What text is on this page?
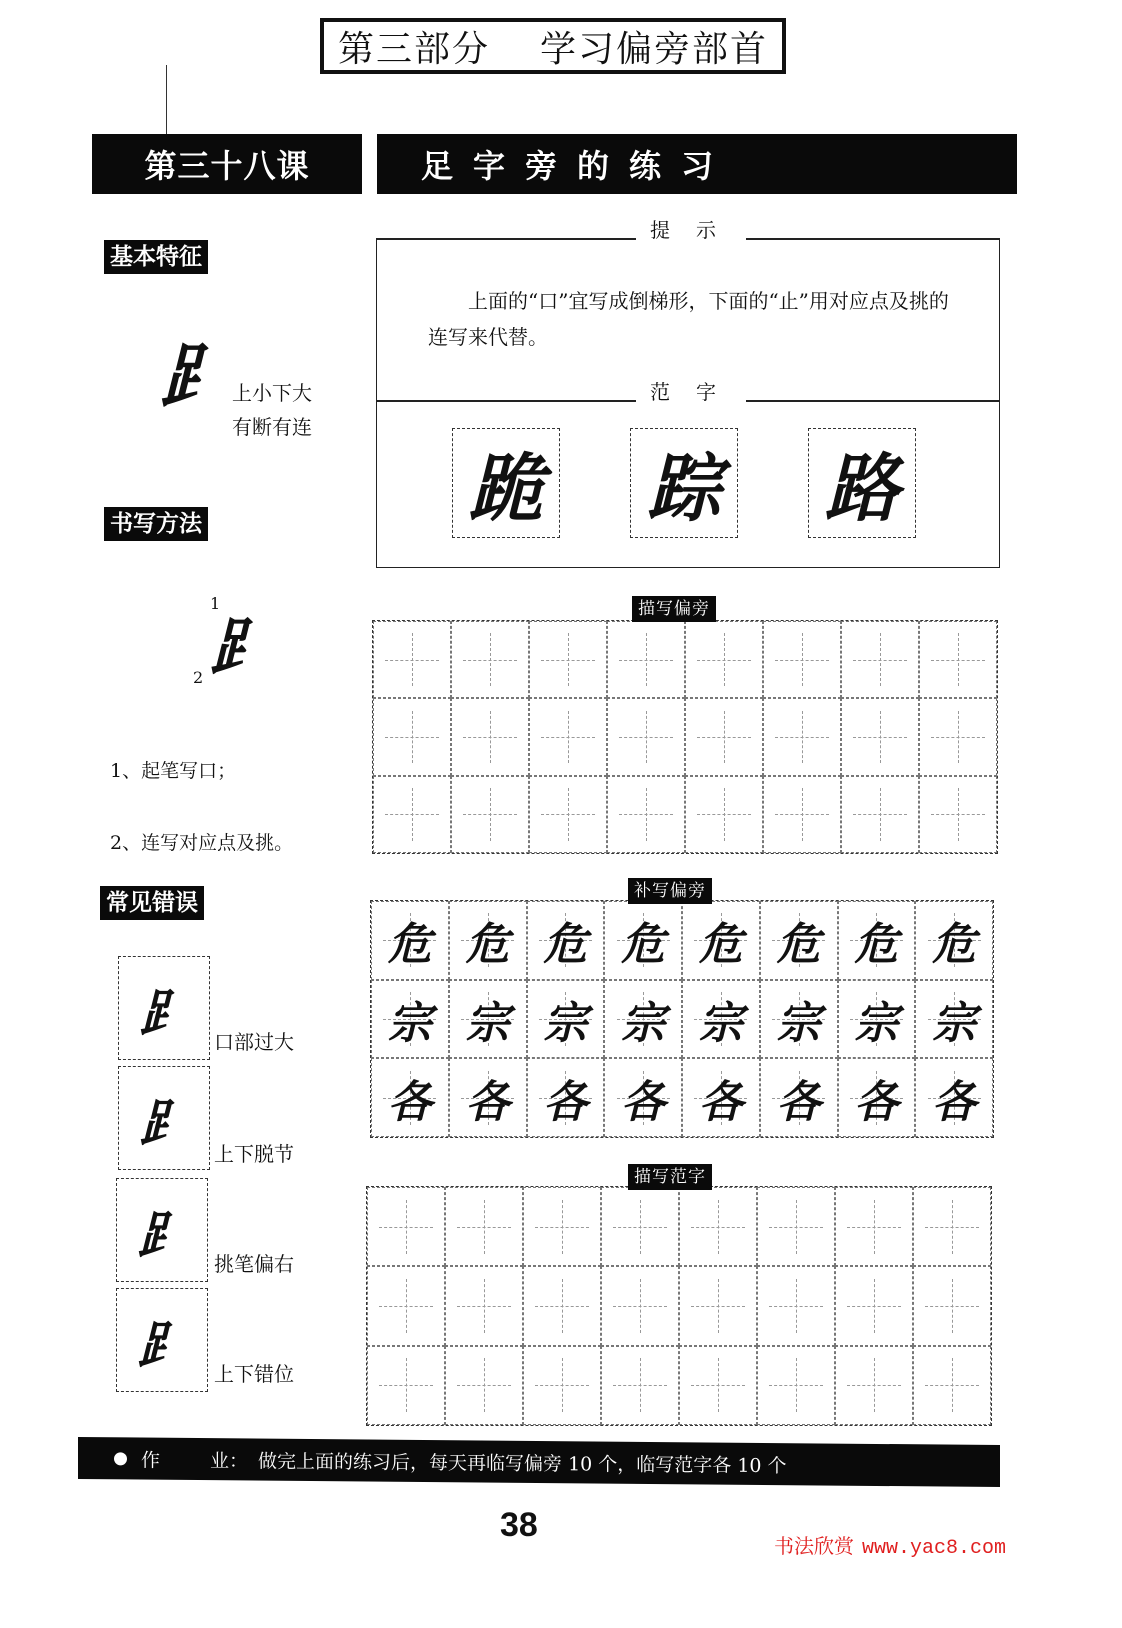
第三部分 学习偏旁部首
第三十八课	足字旁的练习
基本特征
⻊ 上小下大
有断有连
书写方法
1
⻊
2
1、起笔写口；
2、连写对应点及挑。
常见错误
⻊ 口部过大
⻊
上下脱节
⻊ 挑笔偏右
⻊ 上下错位
提示
上面的“口”宜写成倒梯形，下面的“止”用对应点及挑的连写来代替。
范字
跪 踪 路
描写偏旁
危 危 危 危 危 危 危 危
宗 宗 宗 宗 宗 宗 宗 宗
各 各 各 各 各 各 各 各
补写偏旁
描写范字
作	业： 做完上面的练习后，每天再临写偏旁 10 个，临写范字各 10 个
38
书法欣赏 www.yac8.com
